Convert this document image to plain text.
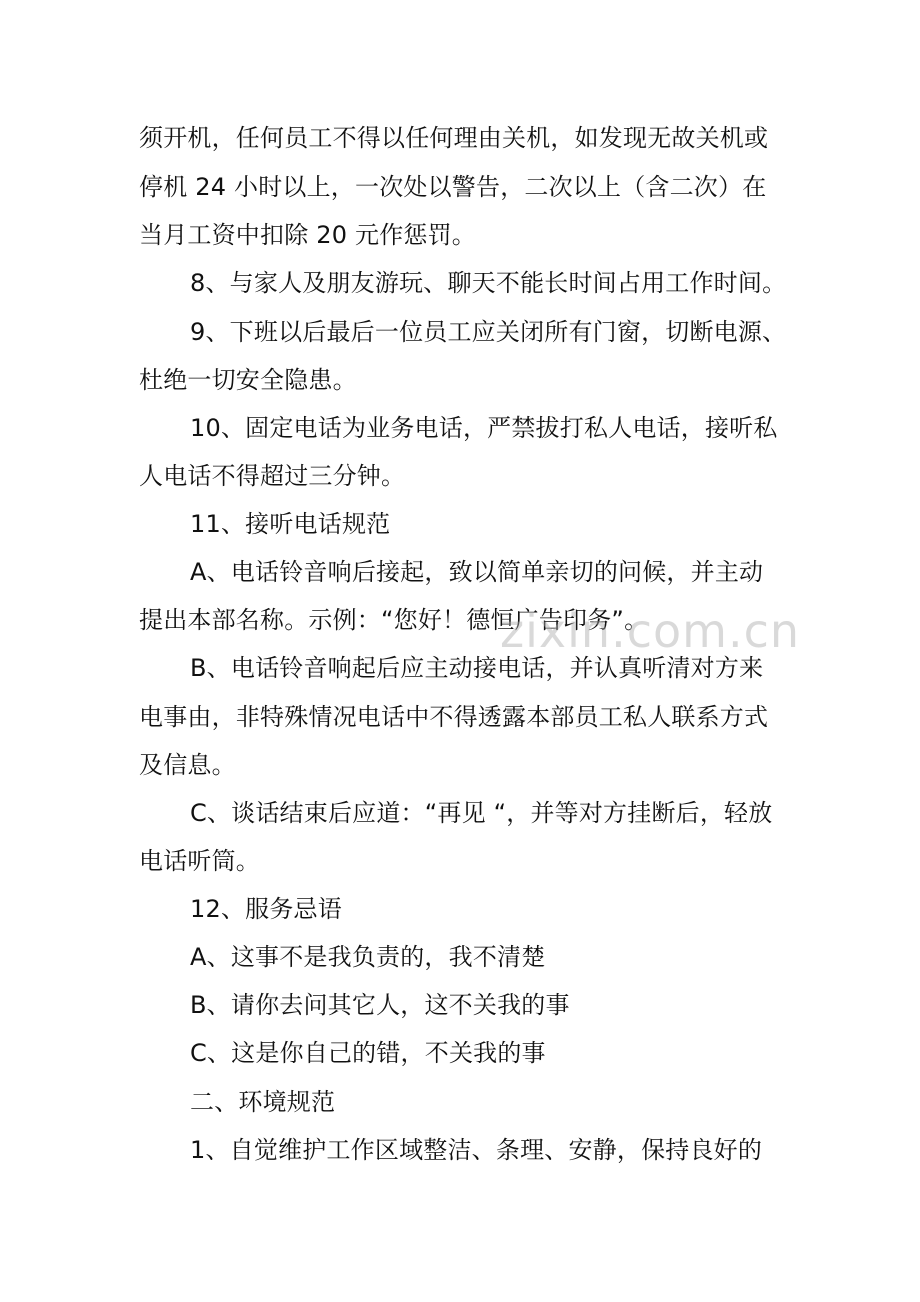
须开机，任何员工不得以任何理由关机，如发现无故关机或
停机 24 小时以上，一次处以警告，二次以上（含二次）在
当月工资中扣除 20 元作惩罚。
8、与家人及朋友游玩、聊天不能长时间占用工作时间。
9、下班以后最后一位员工应关闭所有门窗，切断电源、
杜绝一切安全隐患。
10、固定电话为业务电话，严禁拔打私人电话，接听私
人电话不得超过三分钟。
11、接听电话规范
A、电话铃音响后接起，致以简单亲切的问候，并主动
提出本部名称。示例：“您好！德恒广告印务”。
B、电话铃音响起后应主动接电话，并认真听清对方来
电事由，非特殊情况电话中不得透露本部员工私人联系方式
及信息。
C、谈话结束后应道：“再见 “，并等对方挂断后，轻放
电话听筒。
12、服务忌语
A、这事不是我负责的，我不清楚
B、请你去问其它人，这不关我的事
C、这是你自己的错，不关我的事
二、环境规范
1、自觉维护工作区域整洁、条理、安静，保持良好的
zixin.com.cn
